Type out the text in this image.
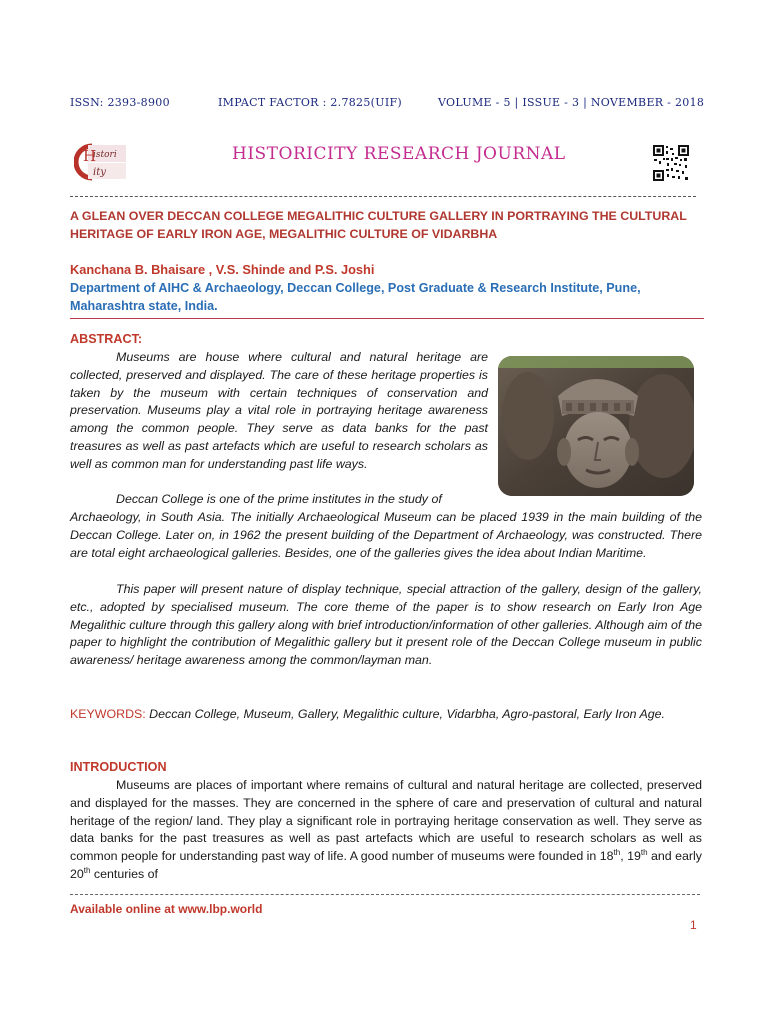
ISSN: 2393-8900	IMPACT FACTOR : 2.7825(UIF)	VOLUME - 5 | ISSUE - 3 | NOVEMBER - 2018
H
istori
ity
HISTORICITY RESEARCH JOURNAL
A GLEAN OVER DECCAN COLLEGE MEGALITHIC CULTURE GALLERY IN PORTRAYING THE CULTURAL HERITAGE OF EARLY IRON AGE, MEGALITHIC CULTURE OF VIDARBHA
Kanchana B. Bhaisare , V.S. Shinde and P.S. Joshi
Department of AIHC & Archaeology, Deccan College, Post Graduate & Research Institute, Pune, Maharashtra state, India.
ABSTRACT:
Museums are house where cultural and natural heritage are collected, preserved and displayed. The care of these heritage properties is taken by the museum with certain techniques of conservation and preservation. Museums play a vital role in portraying heritage awareness among the common people. They serve as data banks for the past treasures as well as past artefacts which are useful to research scholars as well as common man for understanding past life ways.
Deccan College is one of the prime institutes in the study of
Archaeology, in South Asia. The initially Archaeological Museum can be placed 1939 in the main building of the Deccan College. Later on, in 1962 the present building of the Department of Archaeology, was constructed. There are total eight archaeological galleries. Besides, one of the galleries gives the idea about Indian Maritime.
This paper will present nature of display technique, special attraction of the gallery, design of the gallery, etc., adopted by specialised museum. The core theme of the paper is to show research on Early Iron Age Megalithic culture through this gallery along with brief introduction/information of other galleries. Although aim of the paper to highlight the contribution of Megalithic gallery but it present role of the Deccan College museum in public awareness/ heritage awareness among the common/layman man.
KEYWORDS: Deccan College, Museum, Gallery, Megalithic culture, Vidarbha, Agro-pastoral, Early Iron Age.
INTRODUCTION
Museums are places of important where remains of cultural and natural heritage are collected, preserved and displayed for the masses. They are concerned in the sphere of care and preservation of cultural and natural heritage of the region/ land. They play a significant role in portraying heritage conservation as well. They serve as data banks for the past treasures as well as past artefacts which are useful to research scholars as well as common people for understanding past way of life. A good number of museums were founded in 18th, 19th and early 20th centuries of
Available online at www.lbp.world
1
